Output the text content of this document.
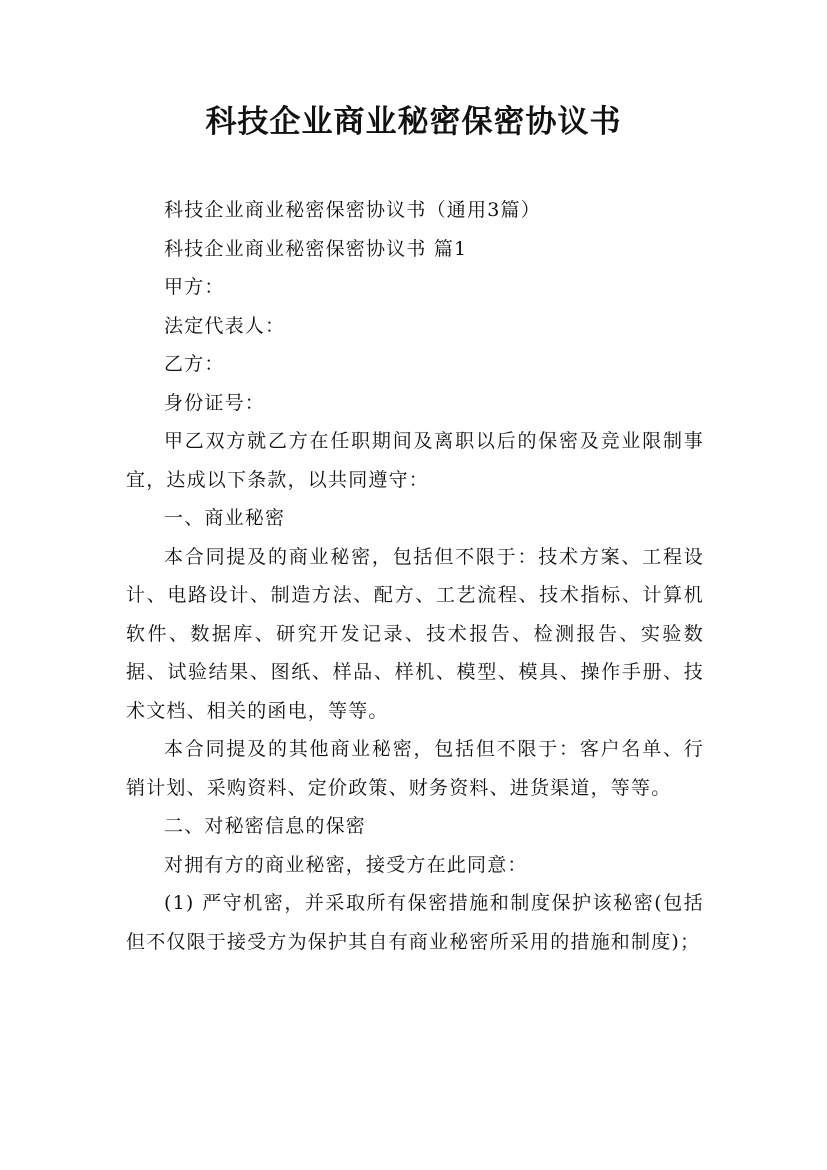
科技企业商业秘密保密协议书

科技企业商业秘密保密协议书（通用3篇）

科技企业商业秘密保密协议书 篇1

甲方：

法定代表人：

乙方：

身份证号：

甲乙双方就乙方在任职期间及离职以后的保密及竞业限制事宜，达成以下条款，以共同遵守：

一、商业秘密

本合同提及的商业秘密，包括但不限于：技术方案、工程设计、电路设计、制造方法、配方、工艺流程、技术指标、计算机软件、数据库、研究开发记录、技术报告、检测报告、实验数据、试验结果、图纸、样品、样机、模型、模具、操作手册、技术文档、相关的函电，等等。

本合同提及的其他商业秘密，包括但不限于：客户名单、行销计划、采购资料、定价政策、财务资料、进货渠道，等等。

二、对秘密信息的保密

对拥有方的商业秘密，接受方在此同意：

(1) 严守机密，并采取所有保密措施和制度保护该秘密(包括但不仅限于接受方为保护其自有商业秘密所采用的措施和制度)；
